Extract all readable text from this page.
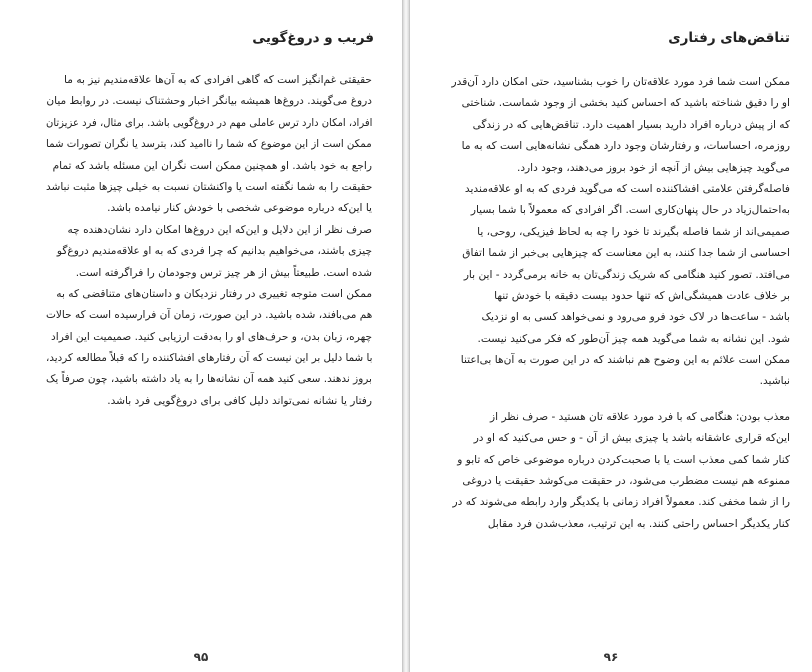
فریب و دروغ‌گویی
حقیقتی غم‌انگیز است که گاهی افرادی که به آن‌ها علاقه‌مندیم نیز به ما
دروغ می‌گویند. دروغ‌ها همیشه بیانگر اخبار وحشتناک نیست. در روابط میان
افراد، امکان دارد ترس عاملی مهم در دروغ‌گویی باشد. برای مثال، فرد عزیزتان
ممکن است از این موضوع که شما را ناامید کند، بترسد یا نگران تصورات شما
راجع به خود باشد. او همچنین ممکن است نگران این مسئله باشد که تمام
حقیقت را به شما نگفته است یا واکنشتان نسبت به خیلی چیزها مثبت نباشد
یا این‌که درباره موضوعی شخصی با خودش کنار نیامده باشد.
صرف نظر از این دلایل و این‌که این دروغ‌ها امکان دارد نشان‌دهنده چه
چیزی باشند، می‌خواهیم بدانیم که چرا فردی که به او علاقه‌مندیم دروغ‌گو
شده است. طبیعتاً بیش از هر چیز ترس وجودمان را فراگرفته است.
ممکن است متوجه تغییری در رفتار نزدیکان و داستان‌های متناقضی که به
هم می‌بافند، شده باشید. در این صورت، زمان آن فرارسیده است که حالات
چهره، زبان بدن، و حرف‌های او را به‌دقت ارزیابی کنید. صمیمیت این افراد
با شما دلیل بر این نیست که آن رفتارهای افشاکننده را که قبلاً مطالعه کردید،
بروز ندهند. سعی کنید همه آن نشانه‌ها را به یاد داشته باشید، چون صرفاً یک
رفتار یا نشانه نمی‌تواند دلیل کافی برای دروغ‌گویی فرد باشد.
۹۵
تناقض‌های رفتاری
ممکن است شما فرد مورد علاقه‌تان را خوب بشناسید، حتی امکان دارد آن‌قدر
او را دقیق شناخته باشید که احساس کنید بخشی از وجود شماست. شناختی
که از پیش درباره افراد دارید بسیار اهمیت دارد. تناقض‌هایی که در زندگی
روزمره، احساسات، و رفتارشان وجود دارد همگی نشانه‌هایی است که به ما
می‌گوید چیزهایی بیش از آنچه از خود بروز می‌دهند، وجود دارد.
فاصله‌گرفتن علامتی افشاکننده است که می‌گوید فردی که به او علاقه‌مندید
به‌احتمال‌زیاد در حال پنهان‌کاری است. اگر افرادی که معمولاً با شما بسیار
صمیمی‌اند از شما فاصله بگیرند تا خود را چه به لحاظ فیزیکی، روحی، یا
احساسی از شما جدا کنند، به این معناست که چیزهایی بی‌خبر از شما اتفاق
می‌افتد. تصور کنید هنگامی که شریک زندگی‌تان به خانه برمی‌گردد - این بار
بر خلاف عادت همیشگی‌اش که تنها حدود بیست دقیقه با خودش تنها
باشد - ساعت‌ها در لاک خود فرو می‌رود و نمی‌خواهد کسی به او نزدیک
شود. این نشانه به شما می‌گوید همه چیز آن‌طور که فکر می‌کنید نیست.
ممکن است علائم به این وضوح هم نباشند که در این صورت به آن‌ها بی‌اعتنا
نباشید.
معذب بودن: هنگامی که با فرد مورد علاقه تان هستید - صرف نظر از
این‌که قراری عاشقانه باشد یا چیزی بیش از آن - و حس می‌کنید که او در
کنار شما کمی معذب است یا با صحبت‌کردن درباره موضوعی خاص که تابو و
ممنوعه هم نیست مضطرب می‌شود، در حقیقت می‌کوشد حقیقت یا دروغی
را از شما مخفی کند. معمولاً افراد زمانی با یکدیگر وارد رابطه می‌شوند که در
کنار یکدیگر احساس راحتی کنند. به این ترتیب، معذب‌شدن فرد مقابل
۹۶
